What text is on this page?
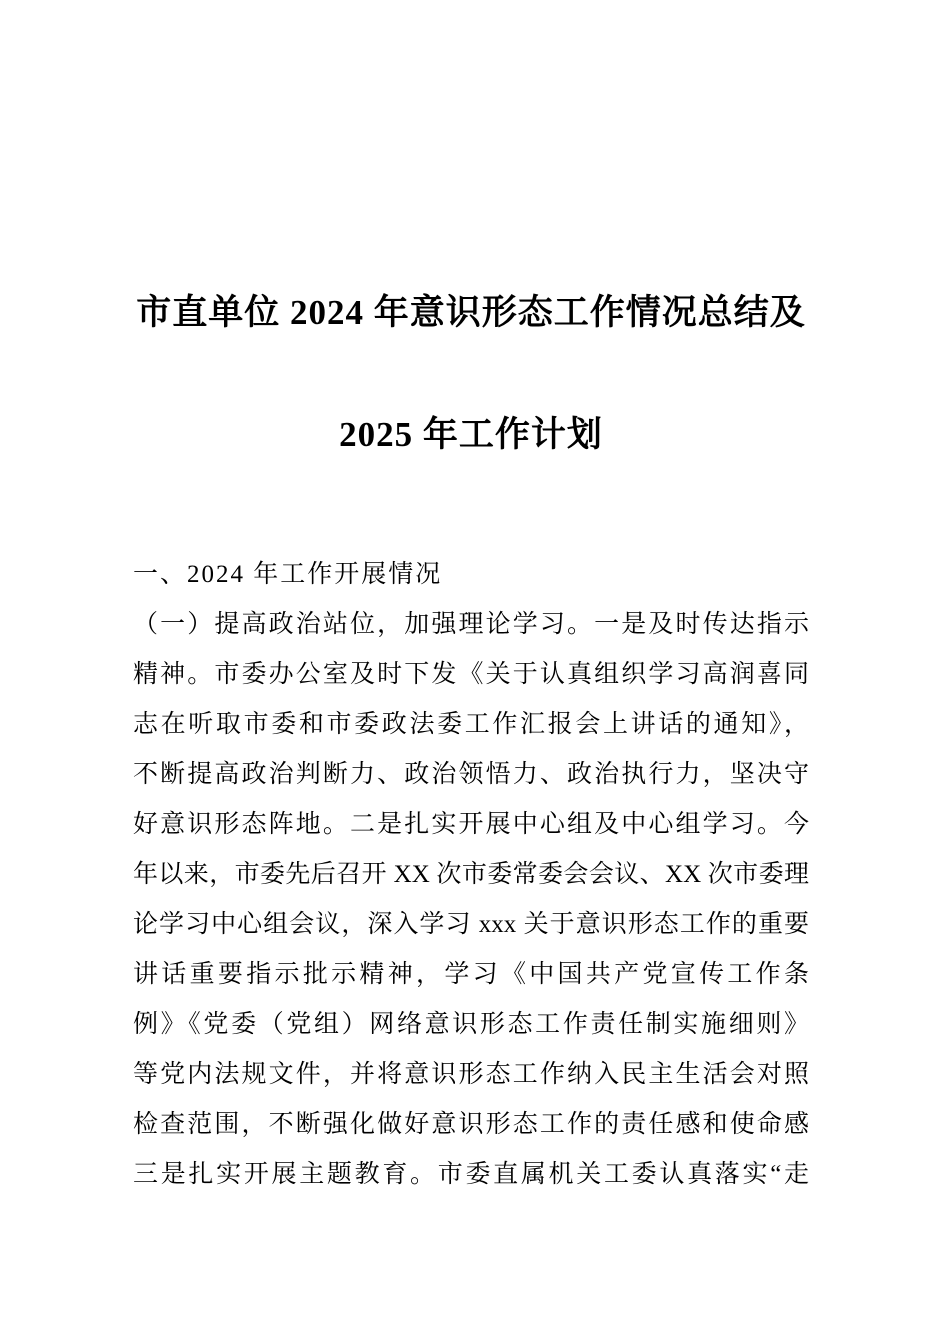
市直单位 2024 年意识形态工作情况总结及
2025 年工作计划
一、2024 年工作开展情况
（一）提高政治站位，加强理论学习。一是及时传达指示
精神。市委办公室及时下发《关于认真组织学习高润喜同
志在听取市委和市委政法委工作汇报会上讲话的通知》，
不断提高政治判断力、政治领悟力、政治执行力，坚决守
好意识形态阵地。二是扎实开展中心组及中心组学习。今
年以来，市委先后召开 XX 次市委常委会会议、XX 次市委理
论学习中心组会议，深入学习 xxx 关于意识形态工作的重要
讲话重要指示批示精神，学习《中国共产党宣传工作条
例》《党委（党组）网络意识形态工作责任制实施细则》
等党内法规文件，并将意识形态工作纳入民主生活会对照
检查范围，不断强化做好意识形态工作的责任感和使命感
三是扎实开展主题教育。市委直属机关工委认真落实“走
